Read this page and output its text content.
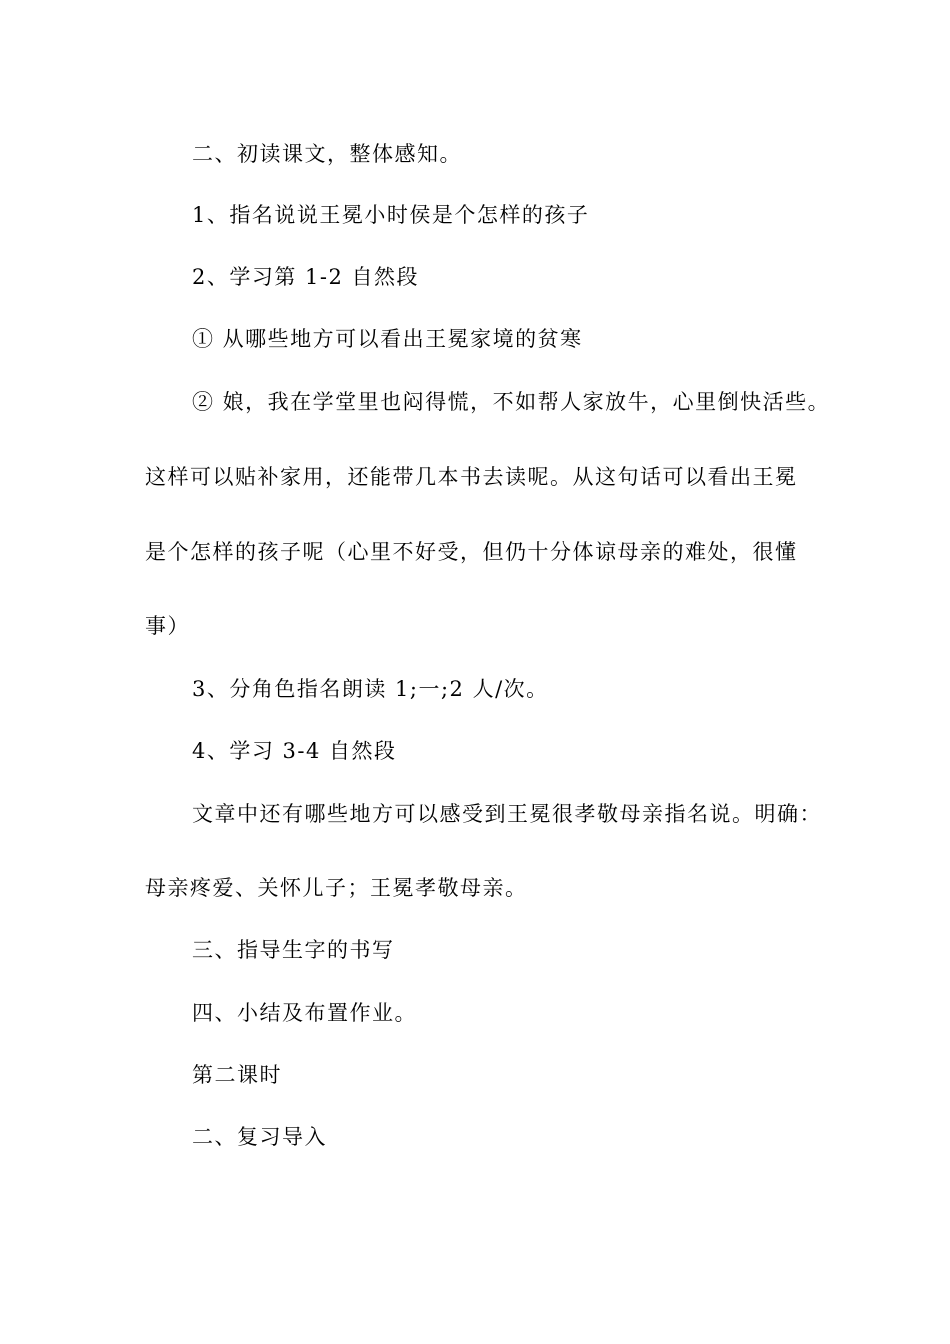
二、初读课文，整体感知。
1、指名说说王冕小时侯是个怎样的孩子
2、学习第 1-2 自然段
① 从哪些地方可以看出王冕家境的贫寒
② 娘，我在学堂里也闷得慌，不如帮人家放牛，心里倒快活些。
这样可以贴补家用，还能带几本书去读呢。从这句话可以看出王冕
是个怎样的孩子呢（心里不好受，但仍十分体谅母亲的难处，很懂
事）
3、分角色指名朗读 1;一;2 人/次。
4、学习 3-4 自然段
文章中还有哪些地方可以感受到王冕很孝敬母亲指名说。明确：
母亲疼爱、关怀儿子；王冕孝敬母亲。
三、指导生字的书写
四、小结及布置作业。
第二课时
二、复习导入
